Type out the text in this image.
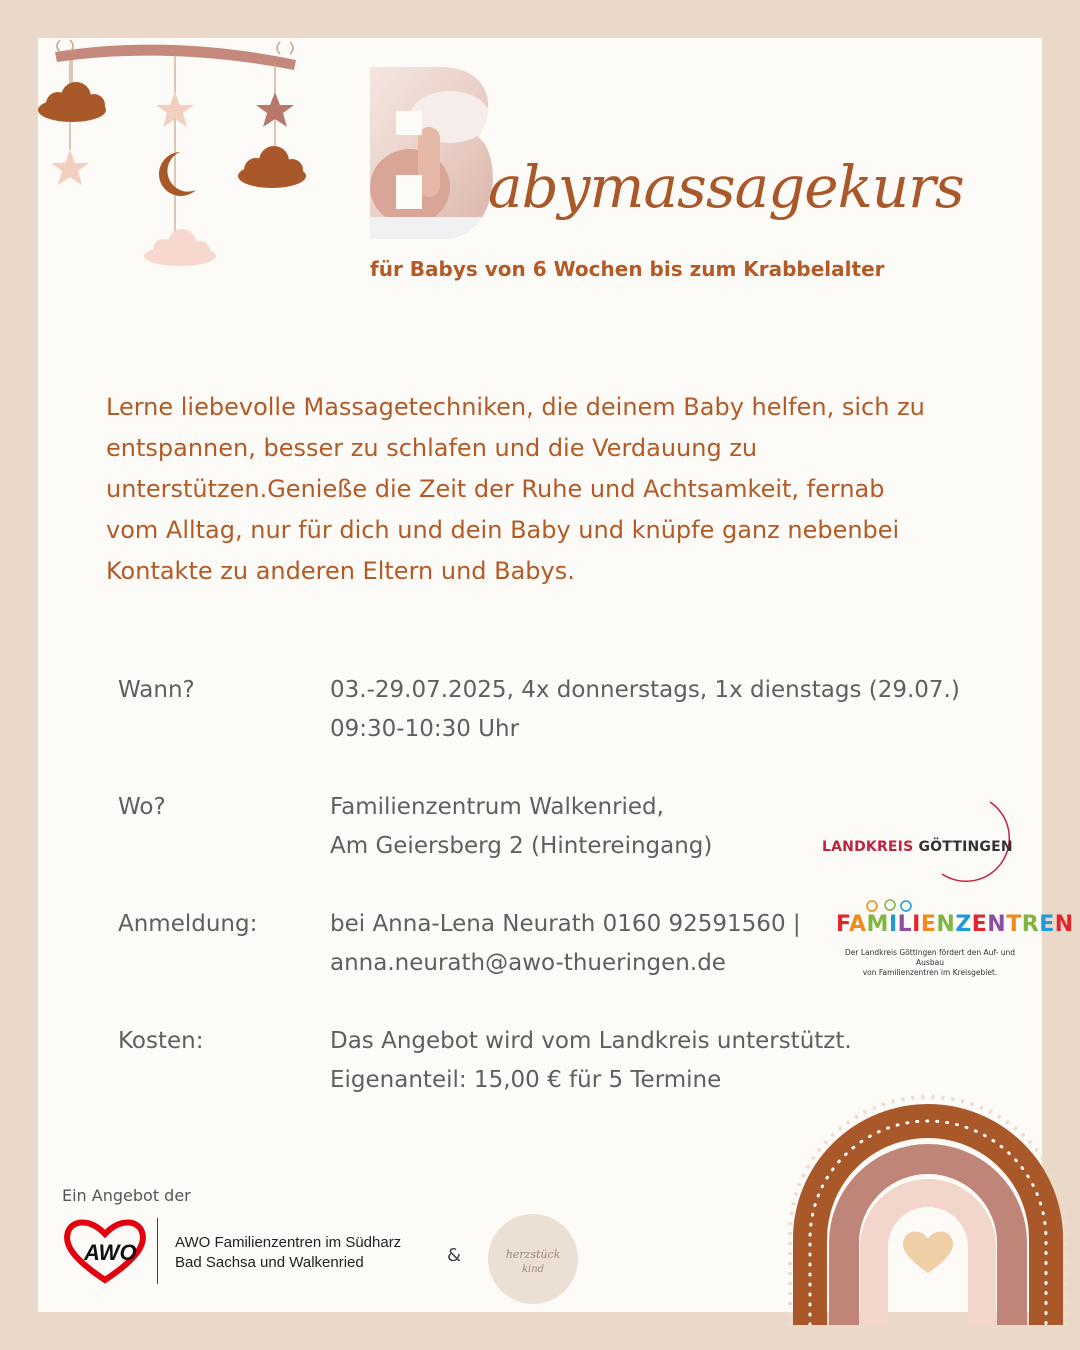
abymassagekurs
für Babys von 6 Wochen bis zum Krabbelalter
Lerne liebevolle Massagetechniken, die deinem Baby helfen, sich zu
entspannen, besser zu schlafen und die Verdauung zu
unterstützen.Genieße die Zeit der Ruhe und Achtsamkeit, fernab
vom Alltag, nur für dich und dein Baby und knüpfe ganz nebenbei
Kontakte zu anderen Eltern und Babys.
Wann?	03.-29.07.2025, 4x donnerstags, 1x dienstags (29.07.)
09:30-10:30 Uhr
Wo?	Familienzentrum Walkenried,
Am Geiersberg 2 (Hintereingang)
Anmeldung:	bei Anna-Lena Neurath 0160 92591560 |
anna.neurath@awo-thueringen.de
Kosten:	Das Angebot wird vom Landkreis unterstützt.
Eigenanteil: 15,00 € für 5 Termine
LANDKREIS GÖTTINGEN
FAMILIENZENTREN
Der Landkreis Göttingen fördert den Auf- und Ausbau
von Familienzentren im Kreisgebiet.
Ein Angebot der
AWO	AWO Familienzentren im Südharz
Bad Sachsa und Walkenried	&	herzstück
kind
